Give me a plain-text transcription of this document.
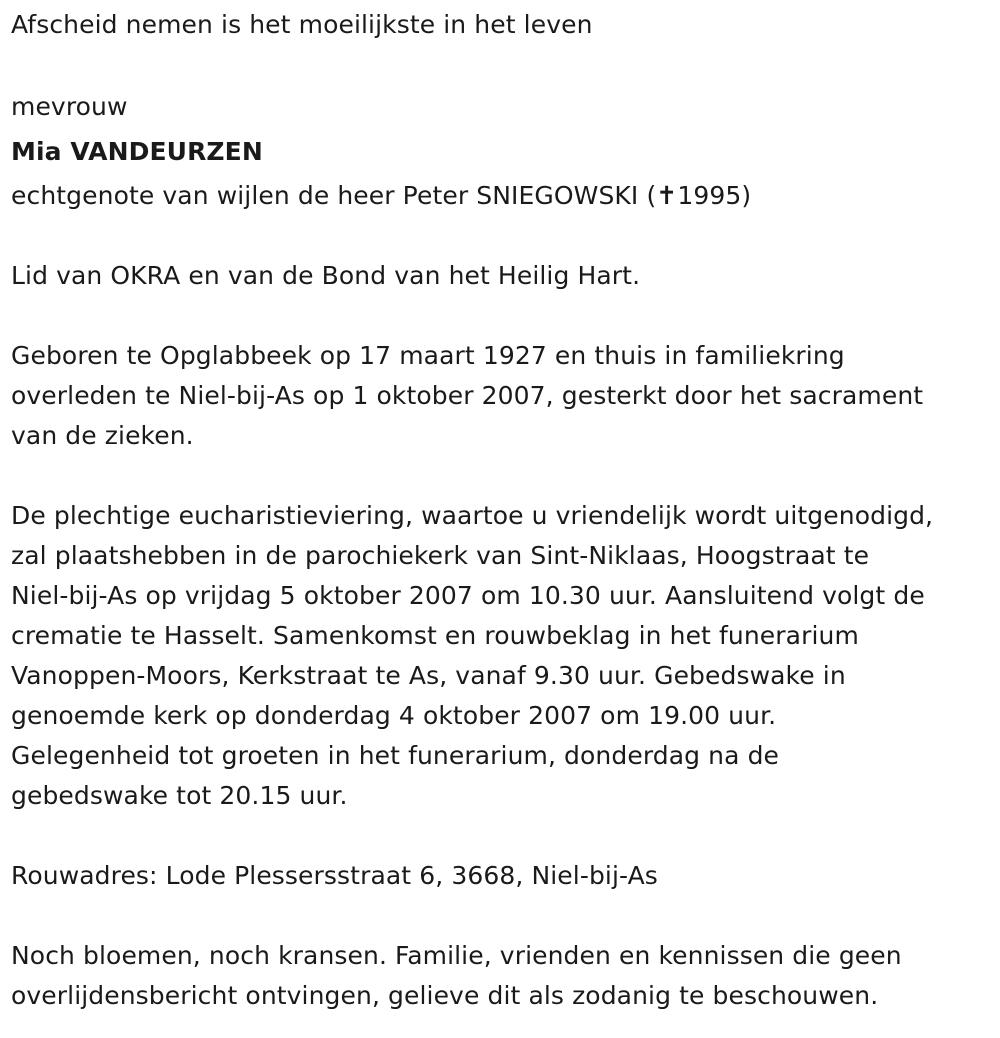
Afscheid nemen is het moeilijkste in het leven
mevrouw
Mia VANDEURZEN
echtgenote van wijlen de heer Peter SNIEGOWSKI (✝1995)
Lid van OKRA en van de Bond van het Heilig Hart.
Geboren te Opglabbeek op 17 maart 1927 en thuis in familiekring
overleden te Niel-bij-As op 1 oktober 2007, gesterkt door het sacrament
van de zieken.
De plechtige eucharistieviering, waartoe u vriendelijk wordt uitgenodigd,
zal plaatshebben in de parochiekerk van Sint-Niklaas, Hoogstraat te
Niel-bij-As op vrijdag 5 oktober 2007 om 10.30 uur. Aansluitend volgt de
crematie te Hasselt. Samenkomst en rouwbeklag in het funerarium
Vanoppen-Moors, Kerkstraat te As, vanaf 9.30 uur. Gebedswake in
genoemde kerk op donderdag 4 oktober 2007 om 19.00 uur.
Gelegenheid tot groeten in het funerarium, donderdag na de
gebedswake tot 20.15 uur.
Rouwadres: Lode Plessersstraat 6, 3668, Niel-bij-As
Noch bloemen, noch kransen. Familie, vrienden en kennissen die geen
overlijdensbericht ontvingen, gelieve dit als zodanig te beschouwen.
